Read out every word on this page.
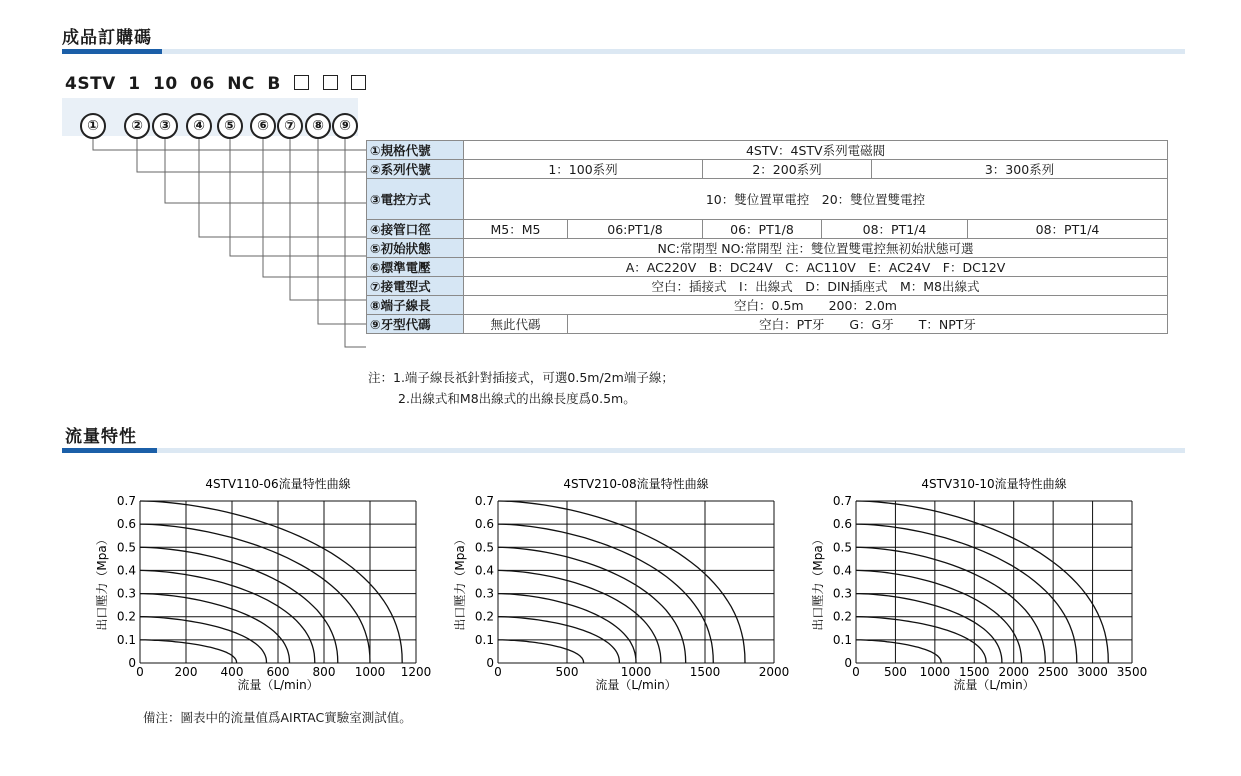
成品訂購碼
4STV 1 10 06 NC B
①	②	③	④	⑤	⑥	⑦	⑧	⑨
①規格代號	4STV：4STV系列電磁閥						
②系列代號	1：100系列		2：200系列		3：300系列		
③電控方式	10：雙位置單電控　20：雙位置雙電控						
④接管口徑	M5：M5	06:PT1/8	06：PT1/8	08：PT1/4		08：PT1/4	
⑤初始狀態	NC:常閉型 NO:常開型 注：雙位置雙電控無初始狀態可選						
⑥標準電壓	A：AC220V　B：DC24V　C：AC110V　E：AC24V　F：DC12V						
⑦接電型式	空白：插接式　I：出線式　D：DIN插座式　M：M8出線式						
⑧端子線長	空白：0.5m　　200：2.0m						
⑨牙型代碼	無此代碼	空白：PT牙　　G：G牙　　T：NPT牙					
注：1.端子線長祇針對插接式，可選0.5m/2m端子線；
2.出線式和M8出線式的出線長度爲0.5m。
流量特性
4STV110-06流量特性曲線
0
0.1
0.2
0.3
0.4
0.5
0.6
0.7
0	200 400 600 800 1000 1200
流量（L/min）
出口壓力（Mpa）
4STV210-08流量特性曲線
0
0.1
0.2
0.3
0.4
0.5
0.6
0.7
0	500	1000	1500	2000
流量（L/min）
出口壓力（Mpa）
4STV310-10流量特性曲線
0
0.1
0.2
0.3
0.4
0.5
0.6
0.7
0 500 1000 1500 2000 2500 3000 3500
流量（L/min）
出口壓力（Mpa）
備注：圖表中的流量值爲AIRTAC實驗室測試值。
